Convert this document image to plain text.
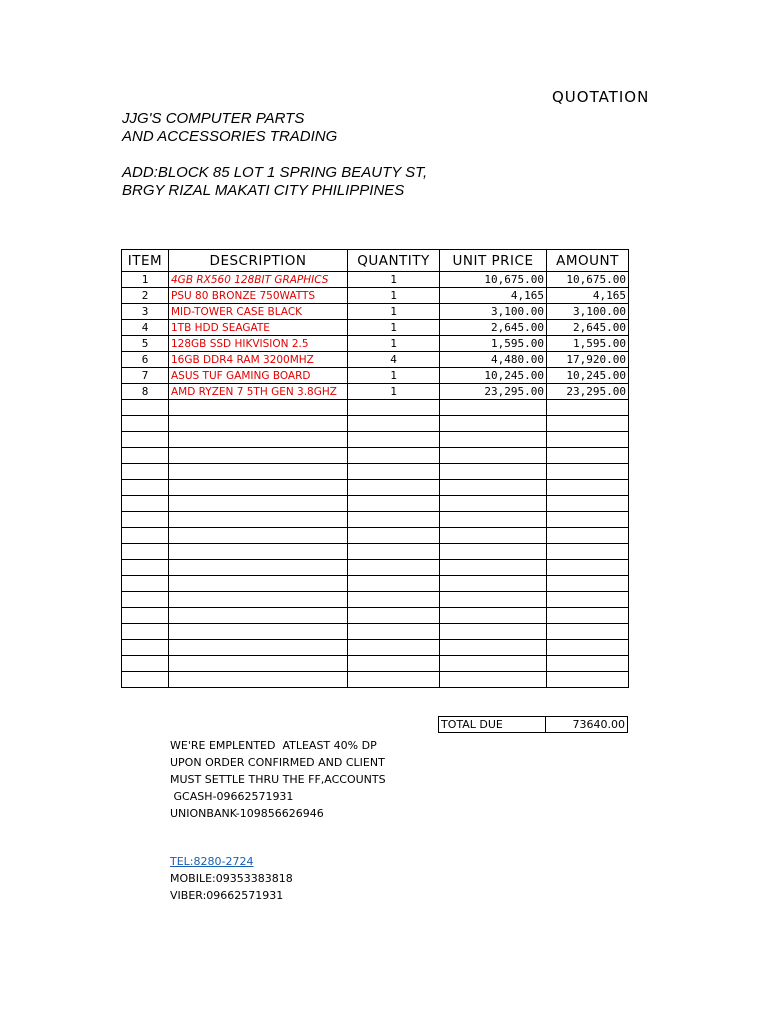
QUOTATION
JJG'S COMPUTER PARTS
AND ACCESSORIES TRADING
ADD:BLOCK 85 LOT 1 SPRING BEAUTY ST,
BRGY RIZAL MAKATI CITY PHILIPPINES
ITEM	DESCRIPTION	QUANTITY	UNIT PRICE	AMOUNT
1	4GB RX560 128BIT GRAPHICS	1	10,675.00	10,675.00
2	PSU 80 BRONZE 750WATTS	1	4,165	4,165
3	MID-TOWER CASE BLACK	1	3,100.00	3,100.00
4	1TB HDD SEAGATE	1	2,645.00	2,645.00
5	128GB SSD HIKVISION 2.5	1	1,595.00	1,595.00
6	16GB DDR4 RAM 3200MHZ	4	4,480.00	17,920.00
7	ASUS TUF GAMING BOARD	1	10,245.00	10,245.00
8	AMD RYZEN 7 5TH GEN 3.8GHZ	1	23,295.00	23,295.00

TOTAL DUE	73640.00
WE'RE EMPLENTED  ATLEAST 40% DP
UPON ORDER CONFIRMED AND CLIENT
MUST SETTLE THRU THE FF,ACCOUNTS
GCASH-09662571931
UNIONBANK-109856626946
TEL:8280-2724
MOBILE:09353383818
VIBER:09662571931
